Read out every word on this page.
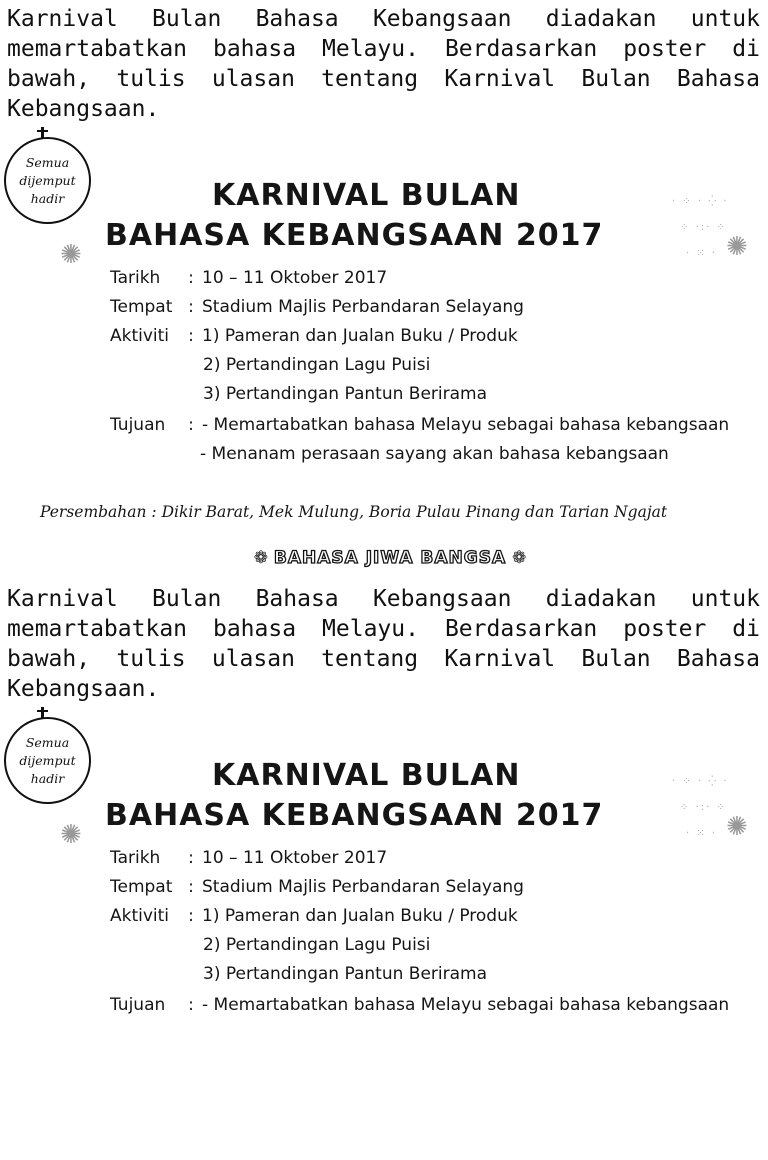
Karnival Bulan Bahasa Kebangsaan diadakan untuk memartabatkan bahasa Melayu. Berdasarkan poster di bawah, tulis ulasan tentang Karnival Bulan Bahasa Kebangsaan.

Semua
dijemput
hadir
✺	✺
· ⁘ · ⁛ ·
⁘ ·:· ⁘
· ⁙ ·
KARNIVAL BULAN
BAHASA KEBANGSAAN 2017
Tarikh : 10 – 11 Oktober 2017
Tempat : Stadium Majlis Perbandaran Selayang
Aktiviti : 1) Pameran dan Jualan Buku / Produk
2) Pertandingan Lagu Puisi
3) Pertandingan Pantun Berirama
Tujuan : - Memartabatkan bahasa Melayu sebagai bahasa kebangsaan
- Menanam perasaan sayang akan bahasa kebangsaan
Persembahan : Dikir Barat, Mek Mulung, Boria Pulau Pinang dan Tarian Ngajat
❁ BAHASA JIWA BANGSA ❁

Karnival Bulan Bahasa Kebangsaan diadakan untuk memartabatkan bahasa Melayu. Berdasarkan poster di bawah, tulis ulasan tentang Karnival Bulan Bahasa Kebangsaan.

Semua
dijemput
hadir
✺	✺
· ⁘ · ⁛ ·
⁘ ·:· ⁘
· ⁙ ·
KARNIVAL BULAN
BAHASA KEBANGSAAN 2017
Tarikh : 10 – 11 Oktober 2017
Tempat : Stadium Majlis Perbandaran Selayang
Aktiviti : 1) Pameran dan Jualan Buku / Produk
2) Pertandingan Lagu Puisi
3) Pertandingan Pantun Berirama
Tujuan : - Memartabatkan bahasa Melayu sebagai bahasa kebangsaan
